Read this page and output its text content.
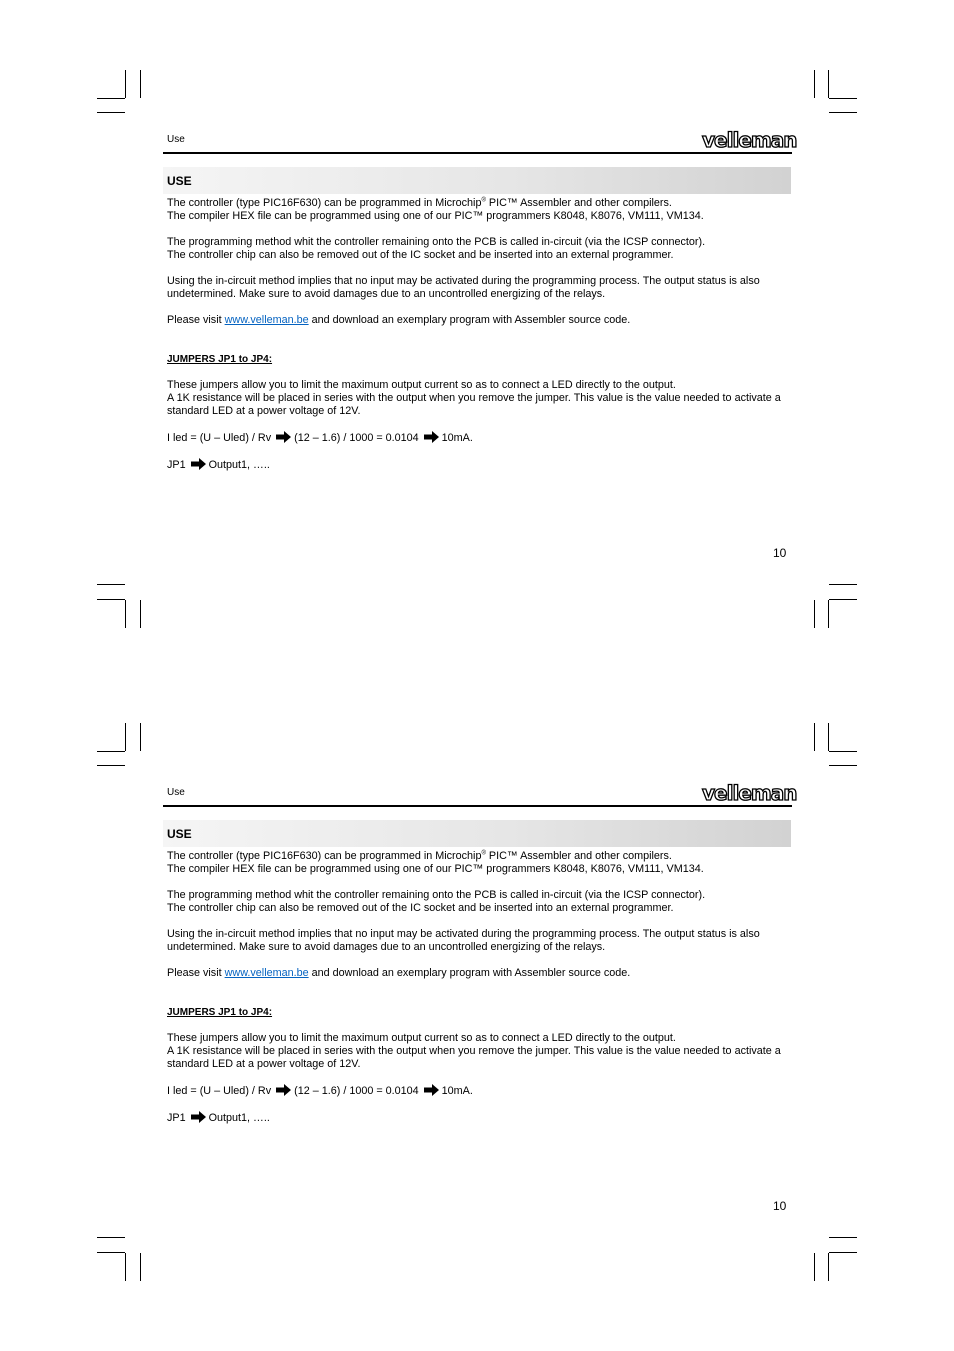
Use	velleman
USE

The controller (type PIC16F630) can be programmed in Microchip® PIC™ Assembler and other compilers.
The compiler HEX file can be programmed using one of our PIC™ programmers K8048, K8076, VM111, VM134.

The programming method whit the controller remaining onto the PCB is called in-circuit (via the ICSP connector).
The controller chip can also be removed out of the IC socket and be inserted into an external programmer.

Using the in-circuit method implies that no input may be activated during the programming process. The output status is also undetermined. Make sure to avoid damages due to an uncontrolled energizing of the relays.

Please visit www.velleman.be and download an exemplary program with Assembler source code.

JUMPERS JP1 to JP4:

These jumpers allow you to limit the maximum output current so as to connect a LED directly to the output.
A 1K resistance will be placed in series with the output when you remove the jumper. This value is the value needed to activate a standard LED at a power voltage of 12V.

I led = (U – Uled) / Rv (12 – 1.6) / 1000 = 0.0104 10mA.

JP1 Output1, …..

10
Use	velleman
USE

The controller (type PIC16F630) can be programmed in Microchip® PIC™ Assembler and other compilers.
The compiler HEX file can be programmed using one of our PIC™ programmers K8048, K8076, VM111, VM134.

The programming method whit the controller remaining onto the PCB is called in-circuit (via the ICSP connector).
The controller chip can also be removed out of the IC socket and be inserted into an external programmer.

Using the in-circuit method implies that no input may be activated during the programming process. The output status is also undetermined. Make sure to avoid damages due to an uncontrolled energizing of the relays.

Please visit www.velleman.be and download an exemplary program with Assembler source code.

JUMPERS JP1 to JP4:

These jumpers allow you to limit the maximum output current so as to connect a LED directly to the output.
A 1K resistance will be placed in series with the output when you remove the jumper. This value is the value needed to activate a standard LED at a power voltage of 12V.

I led = (U – Uled) / Rv (12 – 1.6) / 1000 = 0.0104 10mA.

JP1 Output1, …..

10
